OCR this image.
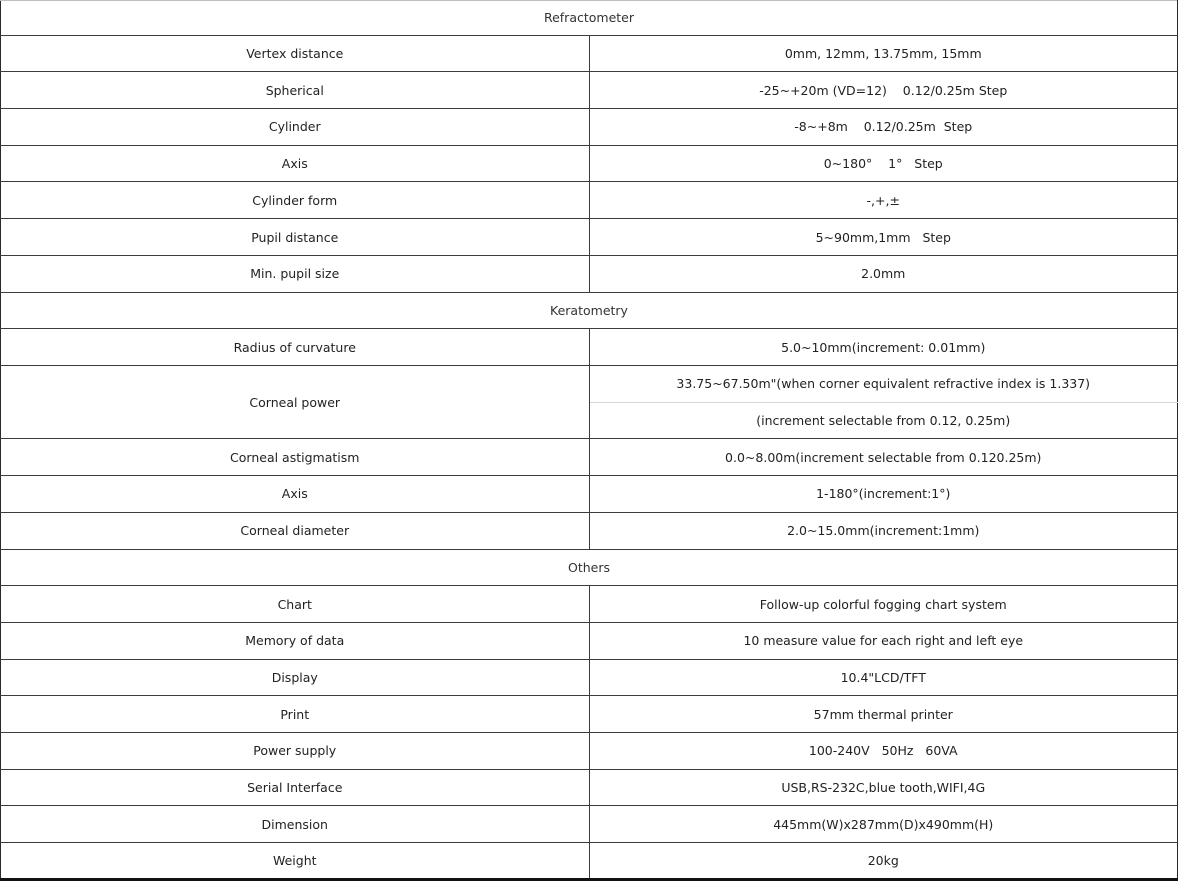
Refractometer	
Vertex distance	0mm, 12mm, 13.75mm, 15mm
Spherical	-25~+20m (VD=12)    0.12/0.25m Step
Cylinder	-8~+8m    0.12/0.25m  Step
Axis	0~180°    1°   Step
Cylinder form	-,+,±
Pupil distance	5~90mm,1mm   Step
Min. pupil size	2.0mm
Keratometry	
Radius of curvature	5.0~10mm(increment: 0.01mm)
Corneal power	33.75~67.50m"(when corner equivalent refractive index is 1.337)
	(increment selectable from 0.12, 0.25m)
Corneal astigmatism	0.0~8.00m(increment selectable from 0.120.25m)
Axis	1-180°(increment:1°)
Corneal diameter	2.0~15.0mm(increment:1mm)
Others	
Chart	Follow-up colorful fogging chart system
Memory of data	10 measure value for each right and left eye
Display	10.4"LCD/TFT
Print	57mm thermal printer
Power supply	100-240V   50Hz   60VA
Serial Interface	USB,RS-232C,blue tooth,WIFI,4G
Dimension	445mm(W)x287mm(D)x490mm(H)
Weight	20kg
